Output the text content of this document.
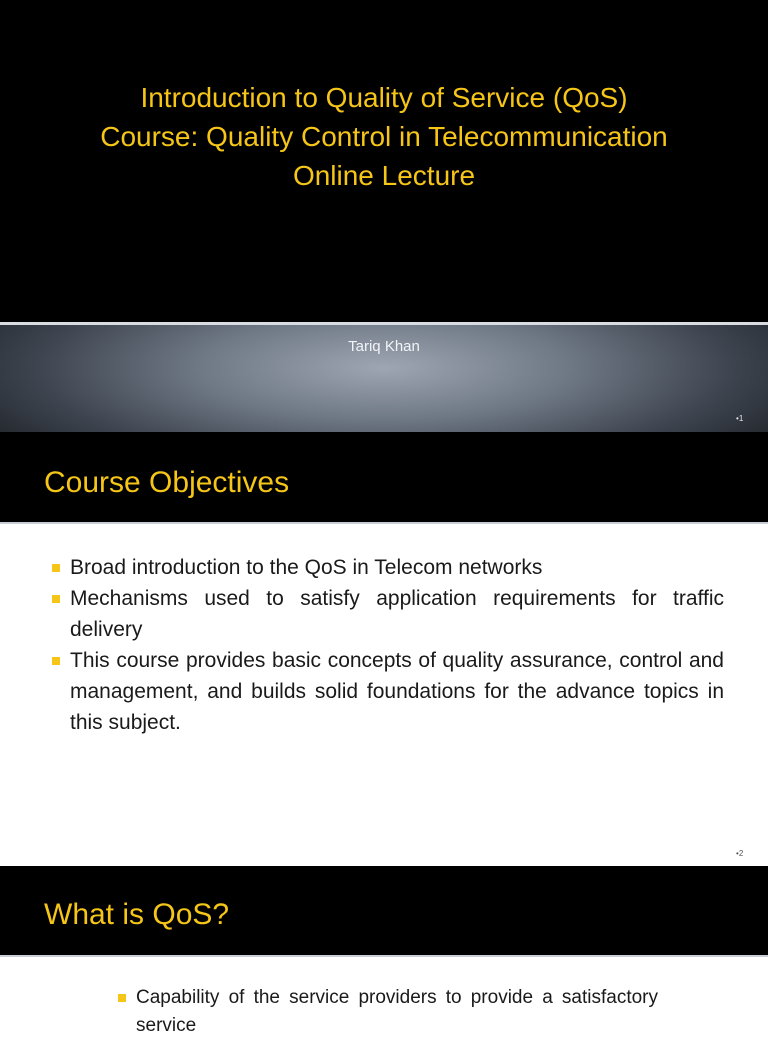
Introduction to Quality of Service (QoS)
Course: Quality Control in Telecommunication
Online Lecture
Tariq Khan
•1
Course Objectives
Broad introduction to the QoS in Telecom networks
Mechanisms used to satisfy application requirements for traffic delivery
This course provides basic concepts of quality assurance, control and management, and builds solid foundations for the advance topics in this subject.
•2
What is QoS?
Capability of the service providers to provide a satisfactory service
